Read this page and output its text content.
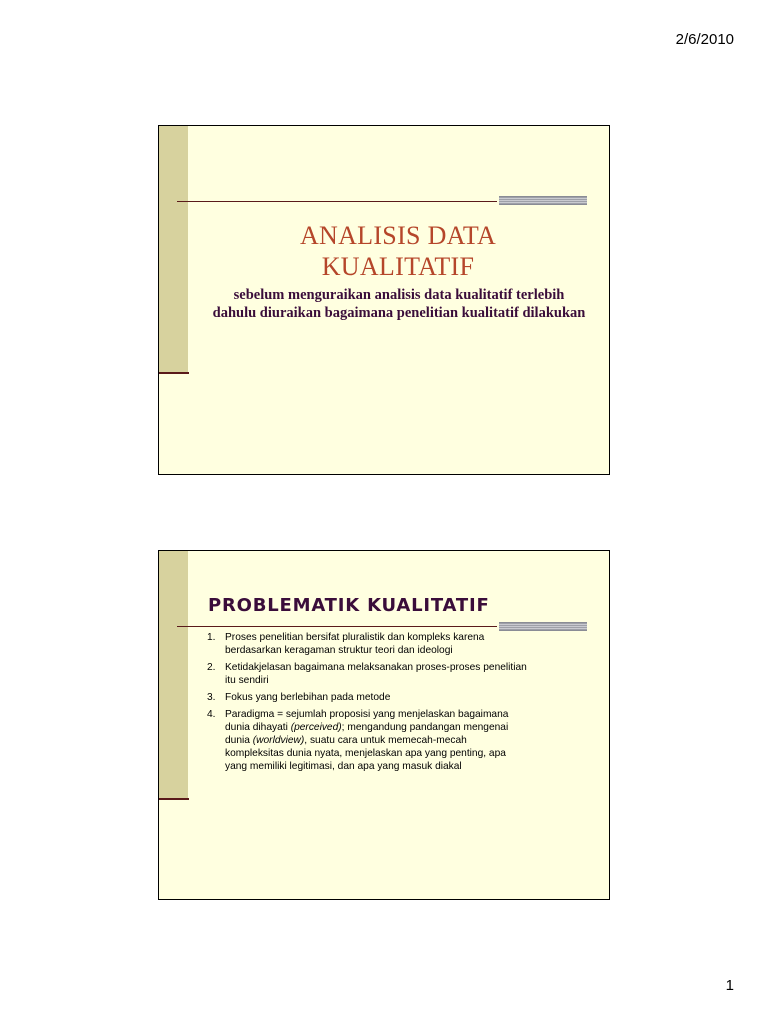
2/6/2010
ANALISIS DATA
KUALITATIF
sebelum menguraikan analisis data kualitatif terlebih
dahulu diuraikan bagaimana penelitian kualitatif dilakukan
PROBLEMATIK KUALITATIF
1. Proses penelitian bersifat pluralistik dan kompleks karena
berdasarkan keragaman struktur teori dan ideologi
2. Ketidakjelasan bagaimana melaksanakan proses-proses penelitian
itu sendiri
3. Fokus yang berlebihan pada metode
4. Paradigma = sejumlah proposisi yang menjelaskan bagaimana
dunia dihayati (perceived); mengandung pandangan mengenai
dunia (worldview), suatu cara untuk memecah-mecah
kompleksitas dunia nyata, menjelaskan apa yang penting, apa
yang memiliki legitimasi, dan apa yang masuk diakal
1
